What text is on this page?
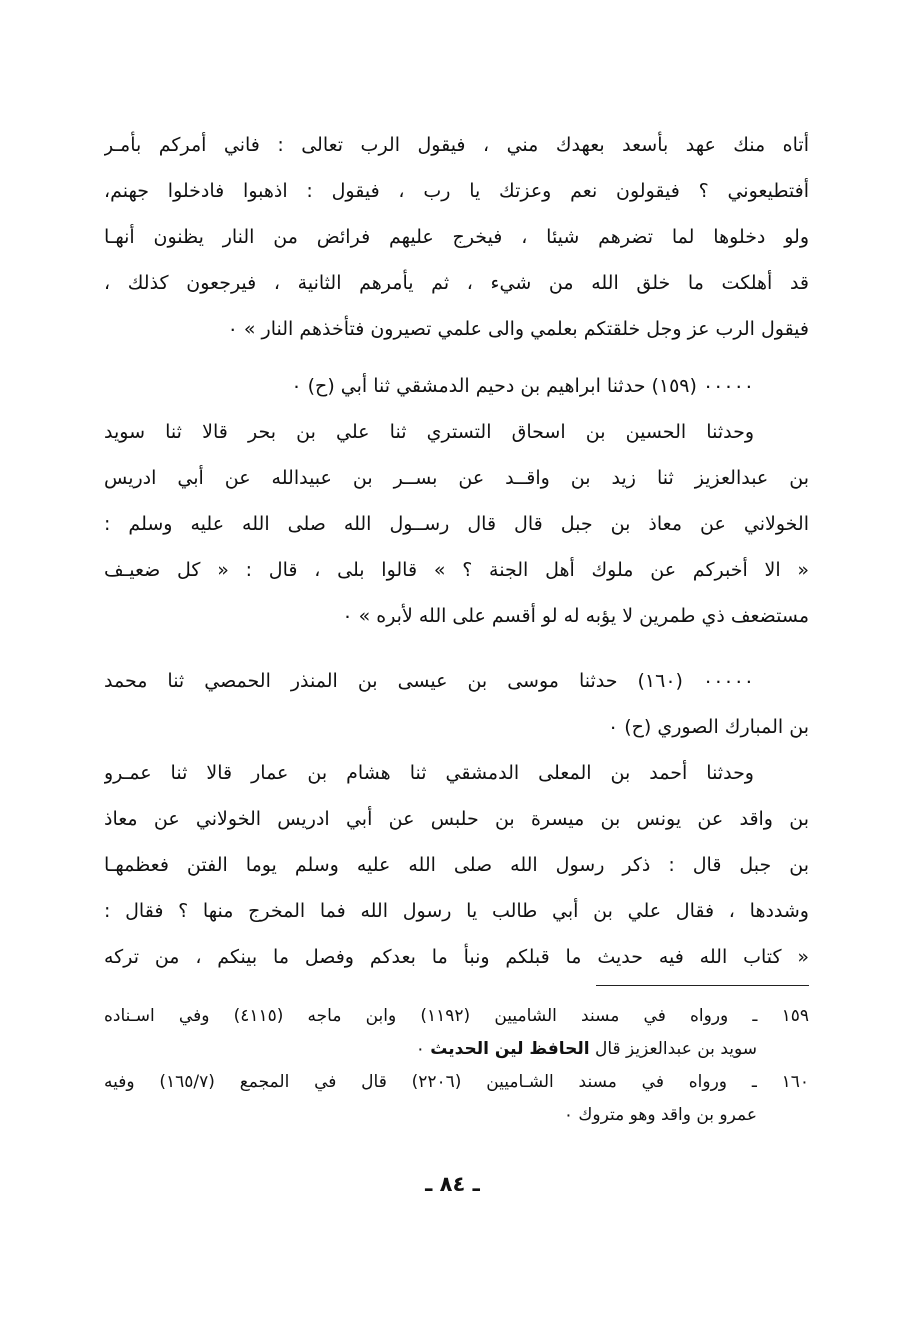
أتاه منك عهد بأسعد بعهدك مني ، فيقول الرب تعالى : فاني أمركم بأمـر
أفتطيعوني ؟ فيقولون نعم وعزتك يا رب ، فيقول : اذهبوا فادخلوا جهنم،
ولو دخلوها لما تضرهم شيئا ، فيخرج عليهم فرائض من النار يظنون أنهـا
قد أهلكت ما خلق الله من شيء ، ثم يأمرهم الثانية ، فيرجعون كذلك ،
فيقول الرب عز وجل خلقتكم بعلمي والى علمي تصيرون فتأخذهم النار » ٠
٠٠٠٠٠ (١٥٩) حدثنا ابراهيم بن دحيم الدمشقي ثنا أبي (ح) ٠
وحدثنا الحسين بن اسحاق التستري ثنا علي بن بحر قالا ثنا سويد
بن عبدالعزيز ثنا زيد بن واقــد عن بســر بن عبيدالله عن أبي ادريس
الخولاني عن معاذ بن جبل قال قال رســول الله صلى الله عليه وسلم :
« الا أخبركم عن ملوك أهل الجنة ؟ » قالوا بلى ، قال : « كل ضعيـف
مستضعف ذي طمرين لا يؤبه له لو أقسم على الله لأبره » ٠
٠٠٠٠٠ (١٦٠) حدثنا موسى بن عيسى بن المنذر الحمصي ثنا محمد
بن المبارك الصوري (ح) ٠
وحدثنا أحمد بن المعلى الدمشقي ثنا هشام بن عمار قالا ثنا عمـرو
بن واقد عن يونس بن ميسرة بن حلبس عن أبي ادريس الخولاني عن معاذ
بن جبل قال : ذكر رسول الله صلى الله عليه وسلم يوما الفتن فعظمهـا
وشددها ، فقال علي بن أبي طالب يا رسول الله فما المخرج منها ؟ فقال :
« كتاب الله فيه حديث ما قبلكم ونبأ ما بعدكم وفصل ما بينكم ، من تركه
١٥٩ ـ ورواه في مسند الشاميين (١١٩٢) وابن ماجه (٤١١٥) وفي اسـناده
سويد بن عبدالعزيز قال الحافظ لين الحديث ٠
١٦٠ ـ ورواه في مسند الشـاميين (٢٢٠٦) قال في المجمع (١٦٥/٧) وفيه
عمرو بن واقد وهو متروك ٠
ـ ٨٤ ـ
